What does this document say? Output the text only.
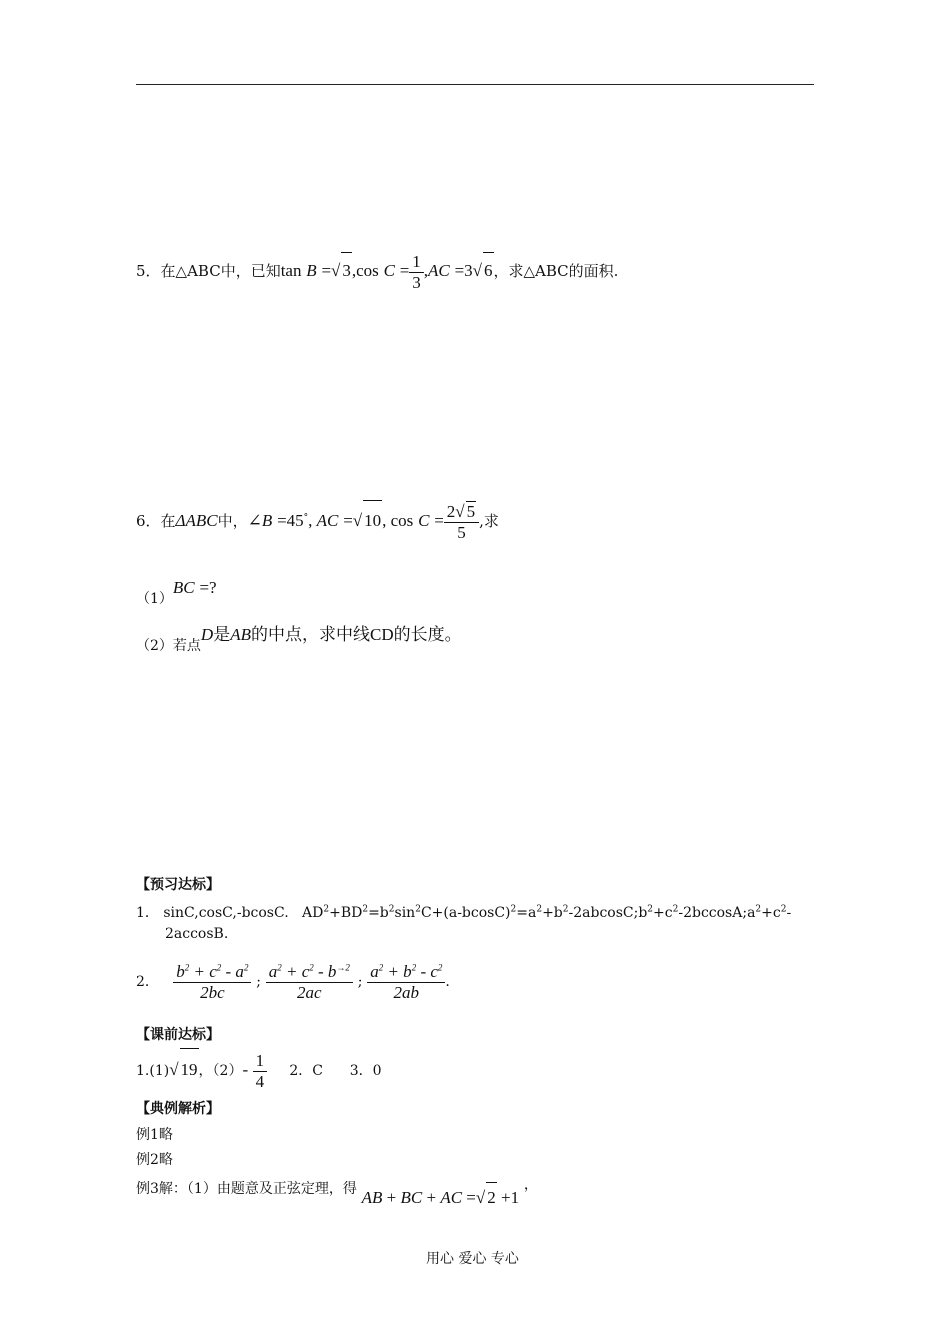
5．在△ABC中，已知tan B =√ 3,cos $C = \frac{1}{3} ,AC =3√$ 6，求△ABC的面积.
6．在ΔABC中，∠B =45°, AC =√ 10, $\cos C = \frac{2√ 5}{5}$ ,求
（1）BC =?
（2）若点D是AB的中点，求中线CD的长度。
【预习达标】
1． sinC,cosC,-bcosC. $AD^2+BD^2=b^2\sin^2C+(a-bcosC)^2=a^2+b^2-2abcosC;b^2+c^2-2bccosA;a^2+c^2-$
2accosB.
2． $\frac{b^2 + c^2 - a^2}{2bc}$ ; $\frac{a^2 + c^2 - b^{\to 2}}{2ac}$ ; $\frac{a^2 + b^2 - c^2}{2ab}$ .
【课前达标】
1.(1)√ 19，$(2)- \frac{1}{4} 2$．C 3．0
【典例解析】
例1略
例2略
例3解：（1）由题意及正弦定理，得 AB + BC + AC =√ 2 +1 ，
用心 爱心 专心
